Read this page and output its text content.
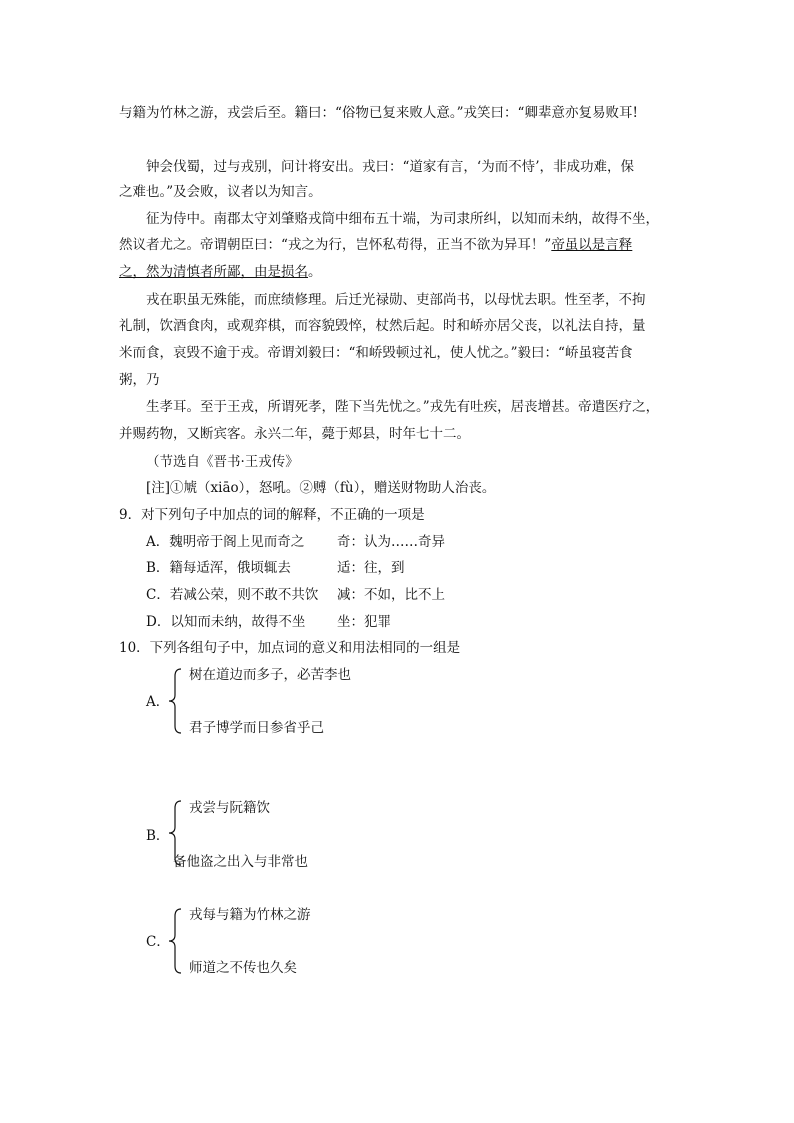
与籍为竹林之游，戎尝后至。籍曰：“俗物已复来败人意。”戎笑曰：“卿辈意亦复易败耳!
钟会伐蜀，过与戎别，问计将安出。戎曰：“道家有言，‘为而不恃’，非成功难，保
之难也。”及会败，议者以为知言。
征为侍中。南郡太守刘肇赂戎筒中细布五十端，为司隶所纠，以知而未纳，故得不坐，
然议者尤之。帝谓朝臣曰：“戎之为行，岂怀私苟得，正当不欲为异耳！”帝虽以是言释
之，然为清慎者所鄙，由是损名。
戎在职虽无殊能，而庶绩修理。后迁光禄勋、吏部尚书，以母忧去职。性至孝，不拘
礼制，饮酒食肉，或观弈棋，而容貌毁悴，杖然后起。时和峤亦居父丧，以礼法自持，量
米而食，哀毁不逾于戎。帝谓刘毅曰：“和峤毁顿过礼，使人忧之。”毅曰：“峤虽寝苦食
粥，乃
生孝耳。至于王戎，所谓死孝，陛下当先忧之。”戎先有吐疾，居丧增甚。帝遣医疗之，
并赐药物，又断宾客。永兴二年，薨于郏县，时年七十二。
（节选自《晋书·王戎传》
[注]①虓（xiāo），怒吼。②赙（fù），赠送财物助人治丧。
9．对下列句子中加点的词的解释，不正确的一项是
A．魏明帝于阁上见而奇之 奇：认为……奇异
B．籍每适浑，俄顷辄去	适：往，到
C．若减公荣，则不敢不共饮 减：不如，比不上
D．以知而未纳，故得不坐 坐：犯罪
10．下列各组句子中，加点词的意义和用法相同的一组是
A．
树在道边而多子，必苦李也
君子博学而日参省乎己
B．
戎尝与阮籍饮
备他盗之出入与非常也
C．
戎每与籍为竹林之游
师道之不传也久矣
